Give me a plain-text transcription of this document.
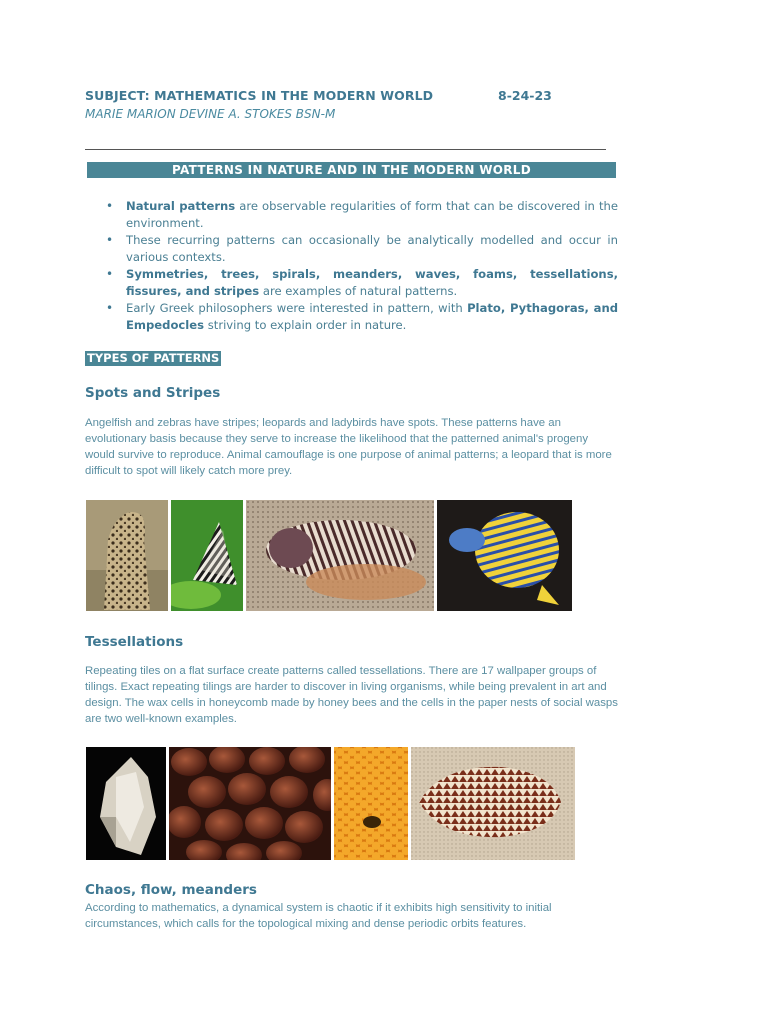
SUBJECT: MATHEMATICS IN THE MODERN WORLD	8-24-23
MARIE MARION DEVINE A. STOKES BSN-M
PATTERNS IN NATURE AND IN THE MODERN WORLD
• Natural patterns are observable regularities of form that can be discovered in the environment.
• These recurring patterns can occasionally be analytically modelled and occur in various contexts.
• Symmetries, trees, spirals, meanders, waves, foams, tessellations, fissures, and stripes are examples of natural patterns.
• Early Greek philosophers were interested in pattern, with Plato, Pythagoras, and Empedocles striving to explain order in nature.
TYPES OF PATTERNS
Spots and Stripes
Angelfish and zebras have stripes; leopards and ladybirds have spots. These patterns have an evolutionary basis because they serve to increase the likelihood that the patterned animal's progeny would survive to reproduce. Animal camouflage is one purpose of animal patterns; a leopard that is more difficult to spot will likely catch more prey.
Tessellations
Repeating tiles on a flat surface create patterns called tessellations. There are 17 wallpaper groups of tilings. Exact repeating tilings are harder to discover in living organisms, while being prevalent in art and design. The wax cells in honeycomb made by honey bees and the cells in the paper nests of social wasps are two well-known examples.
Chaos, flow, meanders
According to mathematics, a dynamical system is chaotic if it exhibits high sensitivity to initial circumstances, which calls for the topological mixing and dense periodic orbits features.
